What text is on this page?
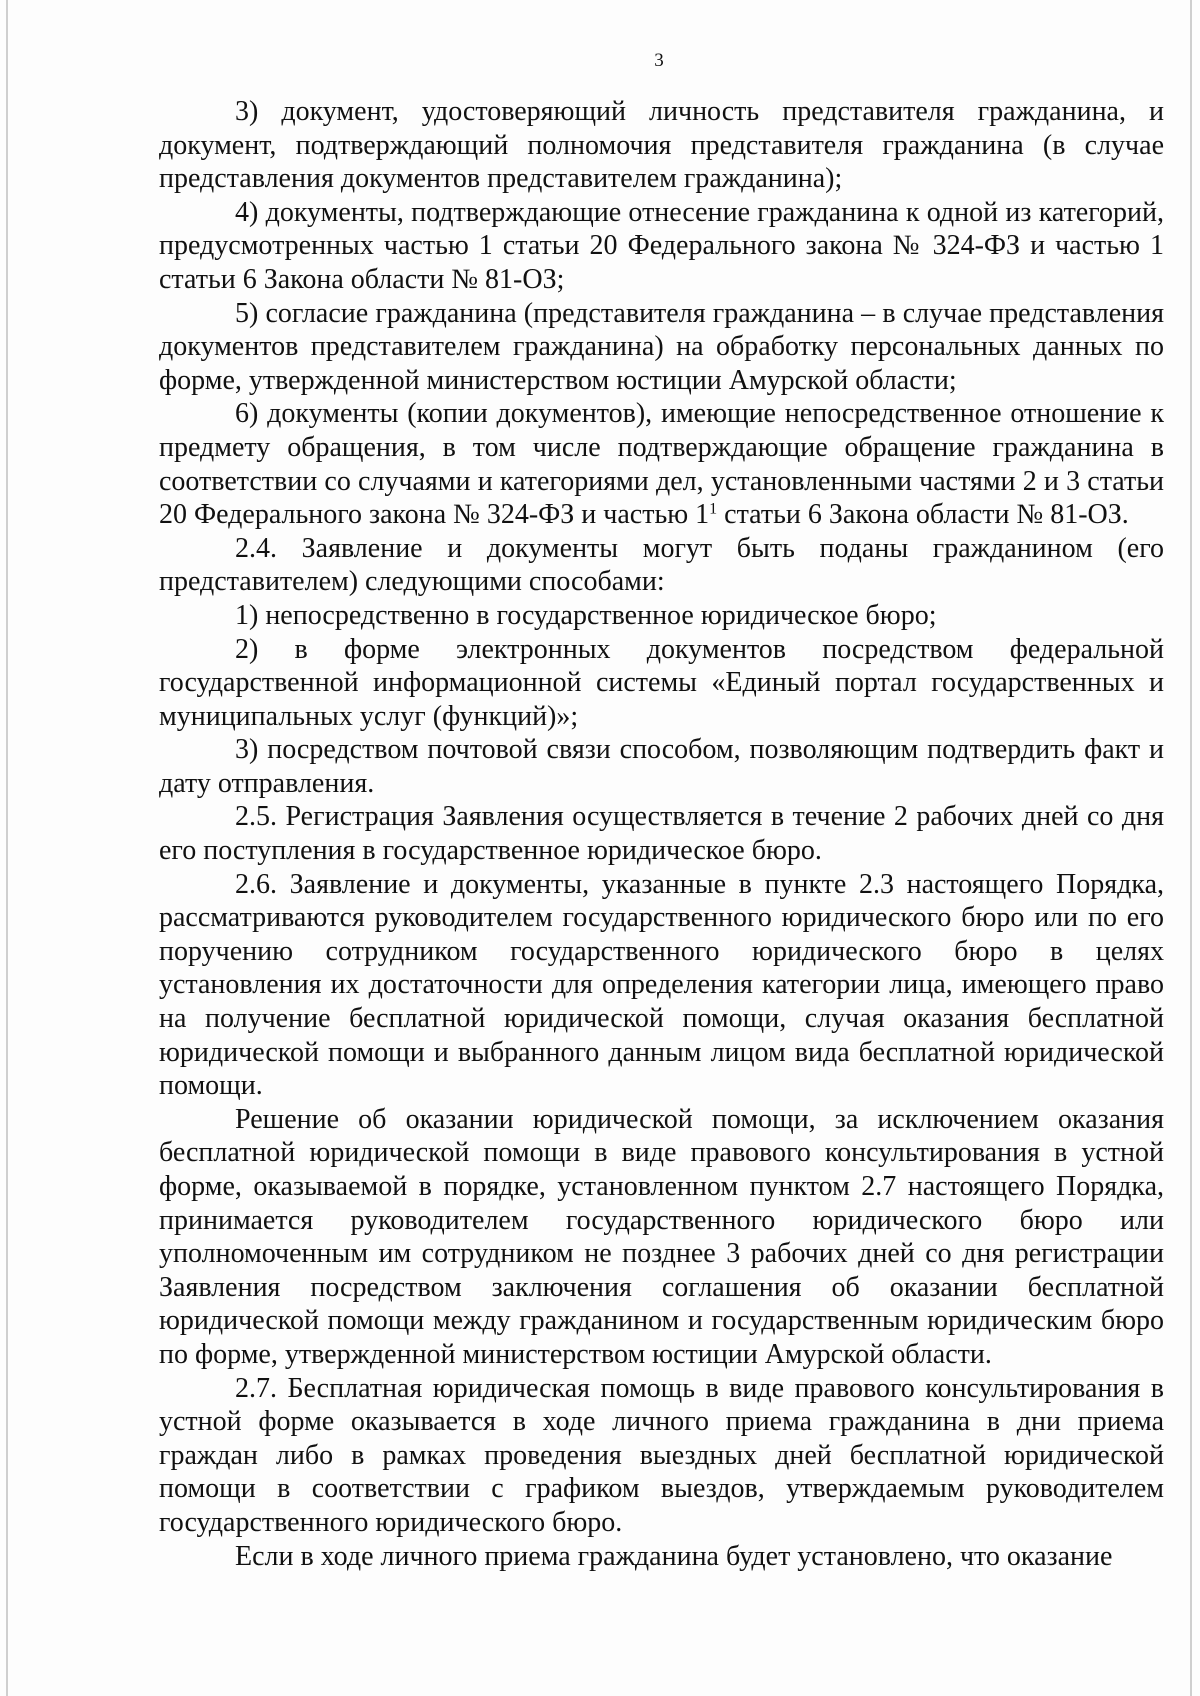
3

3) документ, удостоверяющий личность представителя гражданина, и документ, подтверждающий полномочия представителя гражданина (в случае представления документов представителем гражданина);

4) документы, подтверждающие отнесение гражданина к одной из категорий, предусмотренных частью 1 статьи 20 Федерального закона № 324-ФЗ и частью 1 статьи 6 Закона области № 81-ОЗ;

5) согласие гражданина (представителя гражданина – в случае представления документов представителем гражданина) на обработку персональных данных по форме, утвержденной министерством юстиции Амурской области;

6) документы (копии документов), имеющие непосредственное отношение к предмету обращения, в том числе подтверждающие обращение гражданина в соответствии со случаями и категориями дел, установленными частями 2 и 3 статьи 20 Федерального закона № 324-ФЗ и частью $1^1$ статьи 6 Закона области № 81-ОЗ.

2.4. Заявление и документы могут быть поданы гражданином (его представителем) следующими способами:

1) непосредственно в государственное юридическое бюро;

2) в форме электронных документов посредством федеральной государственной информационной системы «Единый портал государственных и муниципальных услуг (функций)»;

3) посредством почтовой связи способом, позволяющим подтвердить факт и дату отправления.

2.5. Регистрация Заявления осуществляется в течение 2 рабочих дней со дня его поступления в государственное юридическое бюро.

2.6. Заявление и документы, указанные в пункте 2.3 настоящего Порядка, рассматриваются руководителем государственного юридического бюро или по его поручению сотрудником государственного юридического бюро в целях установления их достаточности для определения категории лица, имеющего право на получение бесплатной юридической помощи, случая оказания бесплатной юридической помощи и выбранного данным лицом вида бесплатной юридической помощи.

Решение об оказании юридической помощи, за исключением оказания бесплатной юридической помощи в виде правового консультирования в устной форме, оказываемой в порядке, установленном пунктом 2.7 настоящего Порядка, принимается руководителем государственного юридического бюро или уполномоченным им сотрудником не позднее 3 рабочих дней со дня регистрации Заявления посредством заключения соглашения об оказании бесплатной юридической помощи между гражданином и государственным юридическим бюро по форме, утвержденной министерством юстиции Амурской области.

2.7. Бесплатная юридическая помощь в виде правового консультирования в устной форме оказывается в ходе личного приема гражданина в дни приема граждан либо в рамках проведения выездных дней бесплатной юридической помощи в соответствии с графиком выездов, утверждаемым руководителем государственного юридического бюро.

Если в ходе личного приема гражданина будет установлено, что оказание
